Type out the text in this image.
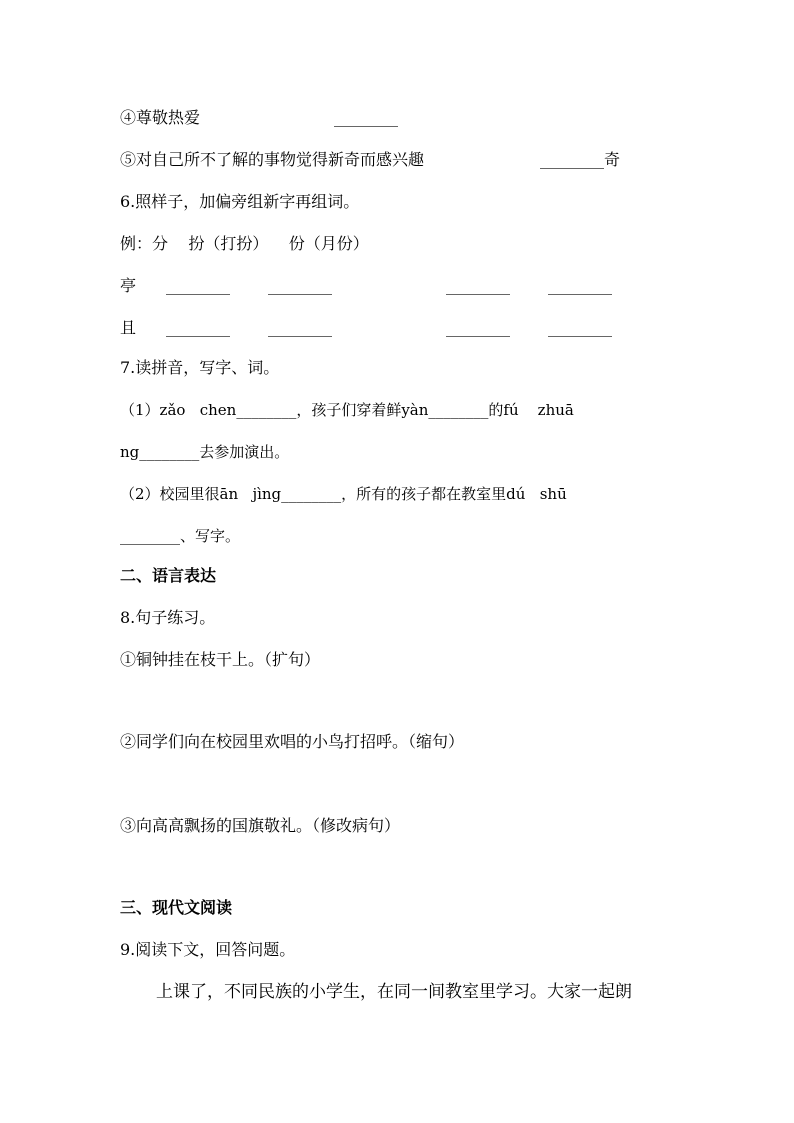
④尊敬热爱	________
⑤对自己所不了解的事物觉得新奇而感兴趣	________奇
6.照样子，加偏旁组新字再组词。
例：分    扮（打扮）    份（月份）
亭 ________ ________	________ ________
且 ________ ________	________ ________
7.读拼音，写字、词。
（1）zǎo   chen________，孩子们穿着鲜yàn________的fú    zhuā
ng________去参加演出。
（2）校园里很ān   jìng________，所有的孩子都在教室里dú   shū
________、写字。
二、语言表达
8.句子练习。
①铜钟挂在枝干上。（扩句）
②同学们向在校园里欢唱的小鸟打招呼。（缩句）
③向高高飘扬的国旗敬礼。（修改病句）
三、现代文阅读
9.阅读下文，回答问题。
上课了，不同民族的小学生，在同一间教室里学习。大家一起朗
